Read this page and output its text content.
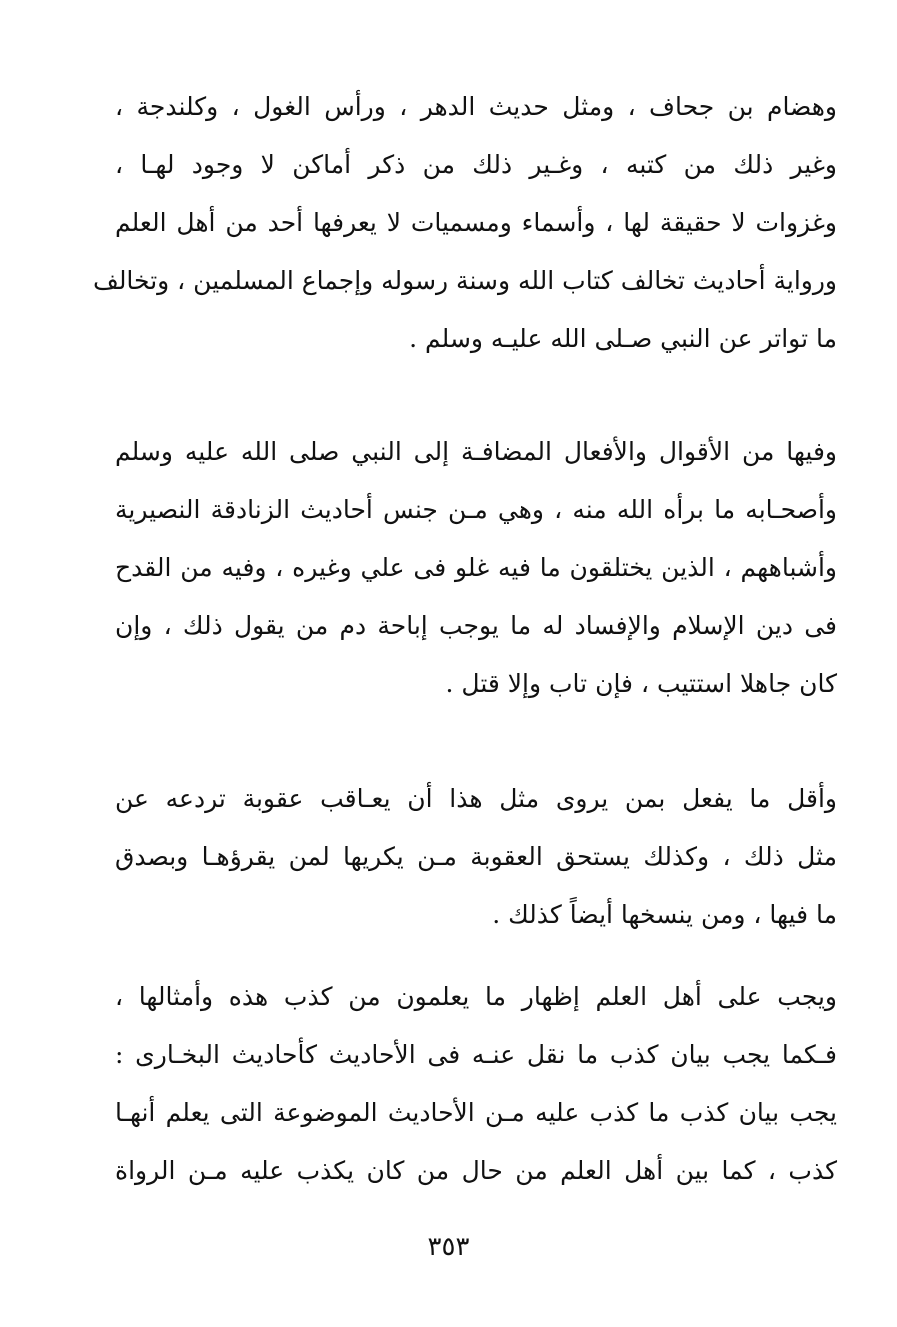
وهضام بن جحاف ، ومثل حديث الدهر ، ورأس الغول ، وكلندجة ،
وغير ذلك من كتبه ، وغـير ذلك من ذكر أماكن لا وجود لهـا ،
وغزوات لا حقيقة لها ، وأسماء ومسميات لا يعرفها أحد من أهل العلم
ورواية أحاديث تخالف كتاب الله وسنة رسوله وإجماع المسلمين ، وتخالف
ما تواتر عن النبي صـلى الله عليـه وسلم .
وفيها من الأقوال والأفعال المضافـة إلى النبي صلى الله عليه وسلم
وأصحـابه ما برأه الله منه ، وهي مـن جنس أحاديث الزنادقة النصيرية
وأشباههم ، الذين يختلقون ما فيه غلو فى علي وغيره ، وفيه من القدح
فى دين الإسلام والإفساد له ما يوجب إباحة دم من يقول ذلك ، وإن
كان جاهلا استتيب ، فإن تاب وإلا قتل .
وأقل ما يفعل بمن يروى مثل هذا أن يعـاقب عقوبة تردعه عن
مثل ذلك ، وكذلك يستحق العقوبة مـن يكريها لمن يقرؤهـا وبصدق
ما فيها ، ومن ينسخها أيضاً كذلك .
ويجب على أهل العلم إظهار ما يعلمون من كذب هذه وأمثالها ،
فـكما يجب بيان كذب ما نقل عنـه فى الأحاديث كأحاديث البخـارى :
يجب بيان كذب ما كذب عليه مـن الأحاديث الموضوعة التى يعلم أنهـا
كذب ، كما بين أهل العلم من حال من كان يكذب عليه مـن الرواة
٣٥٣
